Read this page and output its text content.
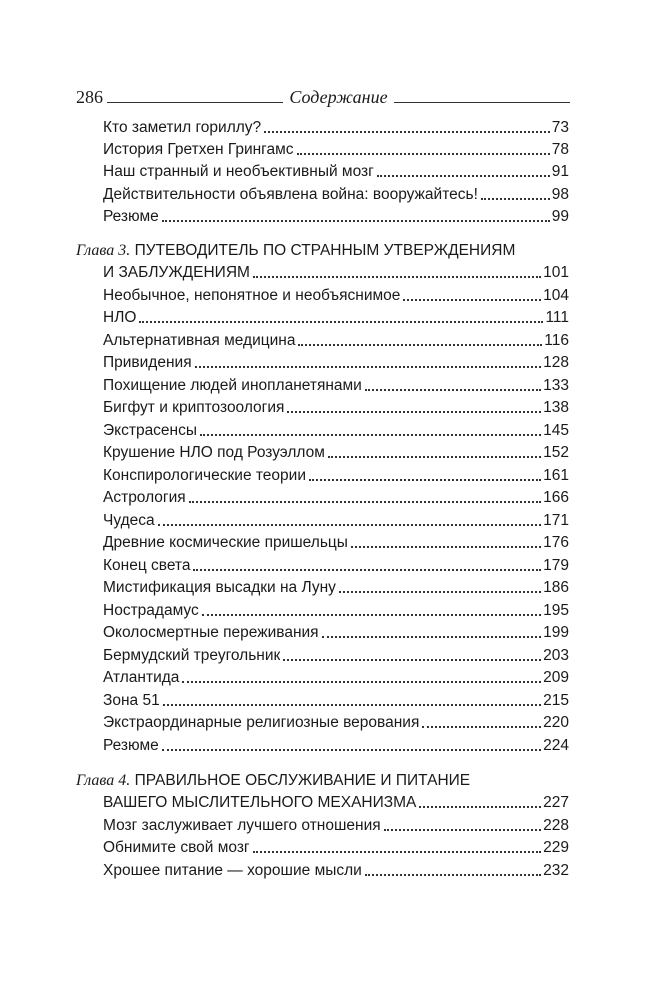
286	Содержание
Кто заметил гориллу?	73
История Гретхен Грингамс	78
Наш странный и необъективный мозг	91
Действительности объявлена война: вооружайтесь!	98
Резюме	99
Глава 3. ПУТЕВОДИТЕЛЬ ПО СТРАННЫМ УТВЕРЖДЕНИЯМ
И ЗАБЛУЖДЕНИЯМ	101
Необычное, непонятное и необъяснимое	104
НЛО	111
Альтернативная медицина	116
Привидения	128
Похищение людей инопланетянами	133
Бигфут и криптозоология	138
Экстрасенсы	145
Крушение НЛО под Розуэллом	152
Конспирологические теории	161
Астрология	166
Чудеса	171
Древние космические пришельцы	176
Конец света	179
Мистификация высадки на Луну	186
Нострадамус	195
Околосмертные переживания	199
Бермудский треугольник	203
Атлантида	209
Зона 51	215
Экстраординарные религиозные верования	220
Резюме	224
Глава 4. ПРАВИЛЬНОЕ ОБСЛУЖИВАНИЕ И ПИТАНИЕ
ВАШЕГО МЫСЛИТЕЛЬНОГО МЕХАНИЗМА	227
Мозг заслуживает лучшего отношения	228
Обнимите свой мозг	229
Хрошее питание — хорошие мысли	232
